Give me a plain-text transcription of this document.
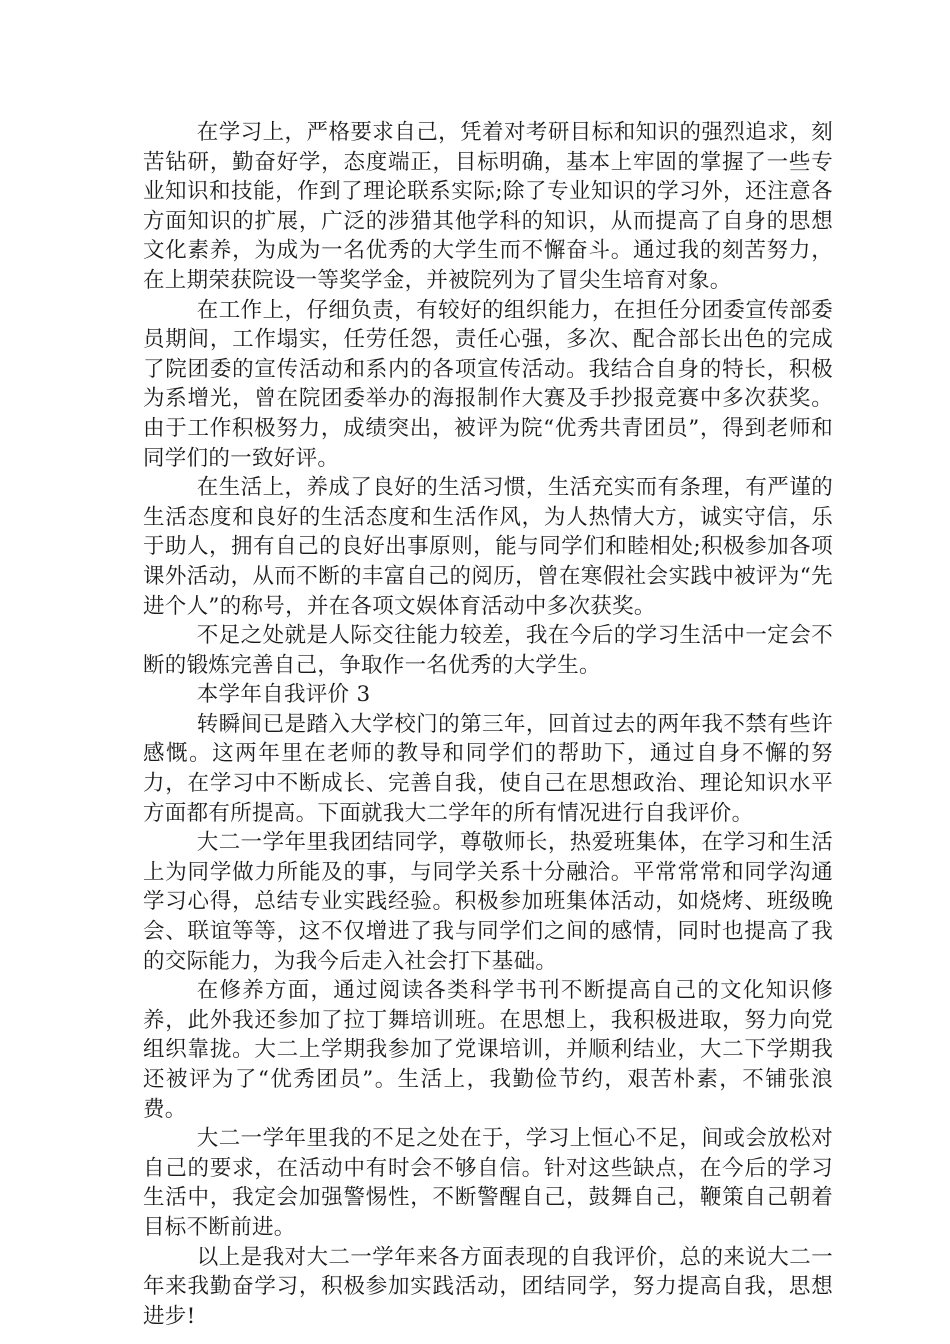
在学习上，严格要求自己，凭着对考研目标和知识的强烈追求，刻苦钻研，勤奋好学，态度端正，目标明确，基本上牢固的掌握了一些专业知识和技能，作到了理论联系实际;除了专业知识的学习外，还注意各方面知识的扩展，广泛的涉猎其他学科的知识，从而提高了自身的思想文化素养，为成为一名优秀的大学生而不懈奋斗。通过我的刻苦努力，在上期荣获院设一等奖学金，并被院列为了冒尖生培育对象。

在工作上，仔细负责，有较好的组织能力，在担任分团委宣传部委员期间，工作塌实，任劳任怨，责任心强，多次、配合部长出色的完成了院团委的宣传活动和系内的各项宣传活动。我结合自身的特长，积极为系增光，曾在院团委举办的海报制作大赛及手抄报竞赛中多次获奖。由于工作积极努力，成绩突出，被评为院“优秀共青团员”，得到老师和同学们的一致好评。

在生活上，养成了良好的生活习惯，生活充实而有条理，有严谨的生活态度和良好的生活态度和生活作风，为人热情大方，诚实守信，乐于助人，拥有自己的良好出事原则，能与同学们和睦相处;积极参加各项课外活动，从而不断的丰富自己的阅历，曾在寒假社会实践中被评为“先进个人”的称号，并在各项文娱体育活动中多次获奖。

不足之处就是人际交往能力较差，我在今后的学习生活中一定会不断的锻炼完善自己，争取作一名优秀的大学生。

本学年自我评价 3

转瞬间已是踏入大学校门的第三年，回首过去的两年我不禁有些许感慨。这两年里在老师的教导和同学们的帮助下，通过自身不懈的努力，在学习中不断成长、完善自我，使自己在思想政治、理论知识水平方面都有所提高。下面就我大二学年的所有情况进行自我评价。

大二一学年里我团结同学，尊敬师长，热爱班集体，在学习和生活上为同学做力所能及的事，与同学关系十分融洽。平常常常和同学沟通学习心得，总结专业实践经验。积极参加班集体活动，如烧烤、班级晚会、联谊等等，这不仅增进了我与同学们之间的感情，同时也提高了我的交际能力，为我今后走入社会打下基础。

在修养方面，通过阅读各类科学书刊不断提高自己的文化知识修养，此外我还参加了拉丁舞培训班。在思想上，我积极进取，努力向党组织靠拢。大二上学期我参加了党课培训，并顺利结业，大二下学期我还被评为了“优秀团员”。生活上，我勤俭节约，艰苦朴素，不铺张浪费。

大二一学年里我的不足之处在于，学习上恒心不足，间或会放松对自己的要求，在活动中有时会不够自信。针对这些缺点，在今后的学习生活中，我定会加强警惕性，不断警醒自己，鼓舞自己，鞭策自己朝着目标不断前进。

以上是我对大二一学年来各方面表现的自我评价，总的来说大二一年来我勤奋学习，积极参加实践活动，团结同学，努力提高自我，思想进步!
